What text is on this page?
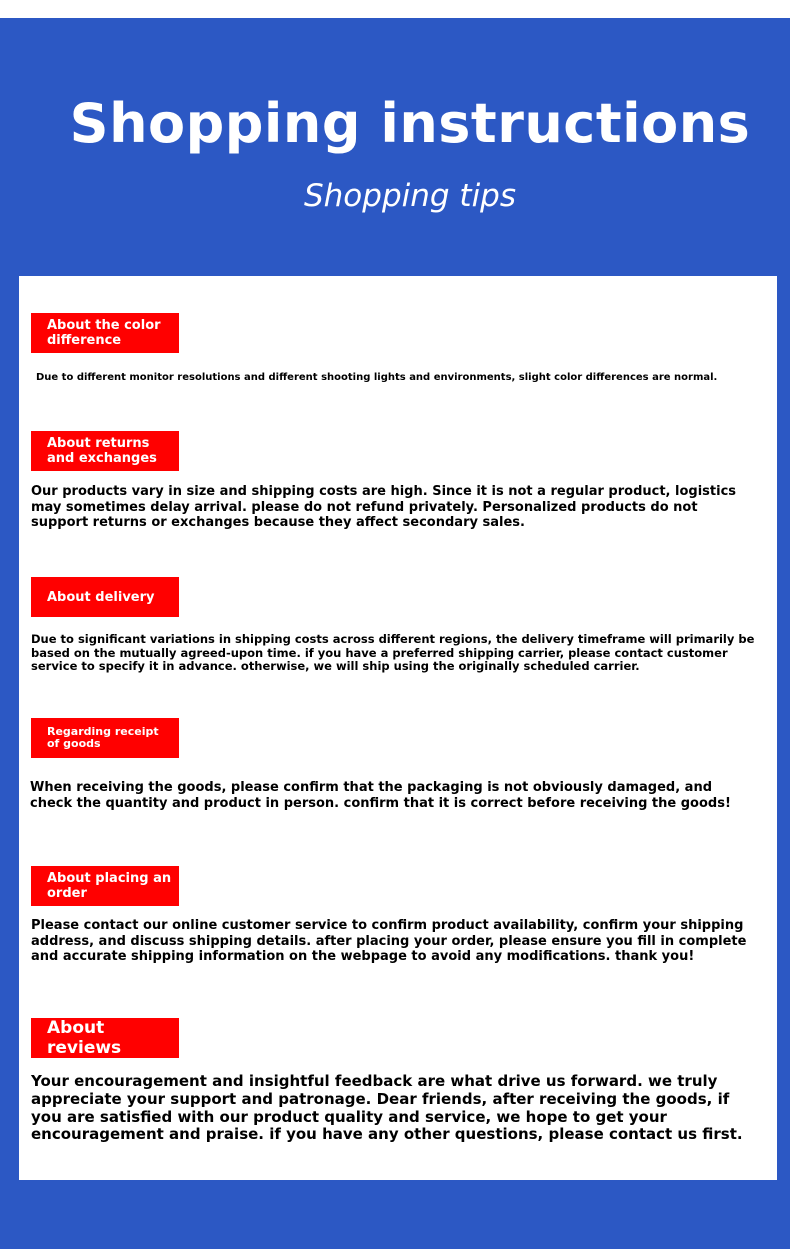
Shopping instructions
Shopping tips
About the color difference
Due to different monitor resolutions and different shooting lights and environments, slight color differences are normal.
About returns and exchanges
Our products vary in size and shipping costs are high. Since it is not a regular product, logistics may sometimes delay arrival. please do not refund privately. Personalized products do not support returns or exchanges because they affect secondary sales.
About delivery
Due to significant variations in shipping costs across different regions, the delivery timeframe will primarily be based on the mutually agreed-upon time. if you have a preferred shipping carrier, please contact customer service to specify it in advance. otherwise, we will ship using the originally scheduled carrier.
Regarding receipt of goods
When receiving the goods, please confirm that the packaging is not obviously damaged, and check the quantity and product in person. confirm that it is correct before receiving the goods!
About placing an order
Please contact our online customer service to confirm product availability, confirm your shipping address, and discuss shipping details. after placing your order, please ensure you fill in complete and accurate shipping information on the webpage to avoid any modifications. thank you!
About reviews
Your encouragement and insightful feedback are what drive us forward. we truly appreciate your support and patronage. Dear friends, after receiving the goods, if you are satisfied with our product quality and service, we hope to get your encouragement and praise. if you have any other questions, please contact us first.
